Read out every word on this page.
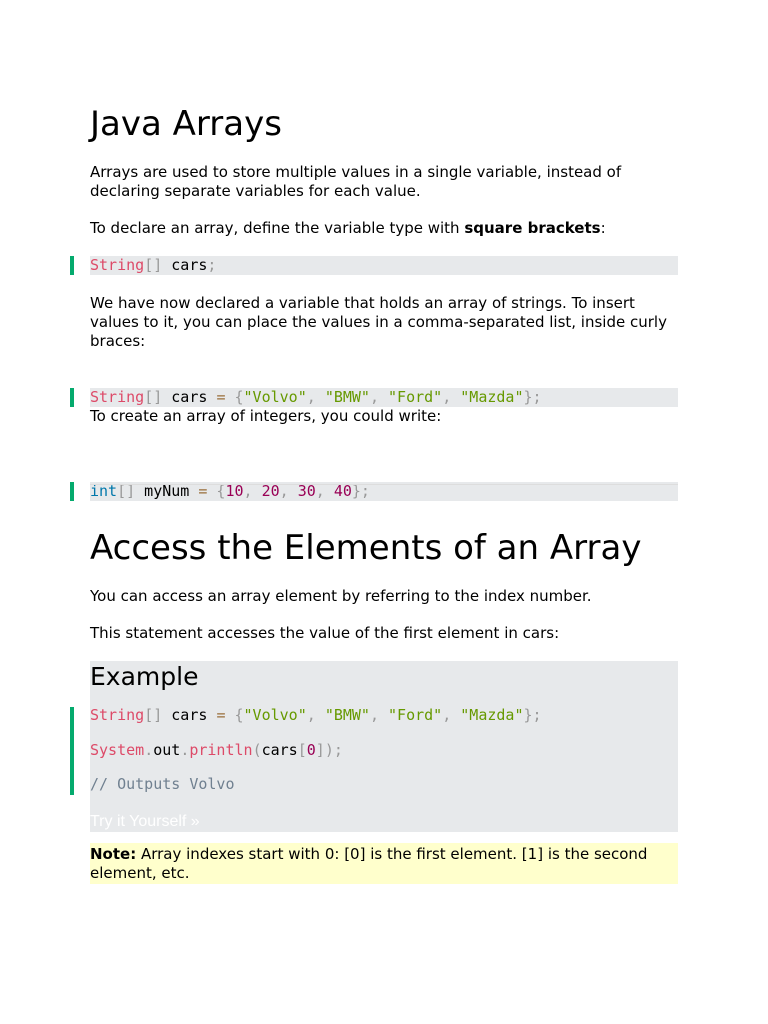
Java Arrays

Arrays are used to store multiple values in a single variable, instead of declaring separate variables for each value.

To declare an array, define the variable type with square brackets:

String[] cars;

We have now declared a variable that holds an array of strings. To insert values to it, you can place the values in a comma-separated list, inside curly braces:

String[] cars = {"Volvo", "BMW", "Ford", "Mazda"};

To create an array of integers, you could write:

int[] myNum = {10, 20, 30, 40};
Access the Elements of an Array

You can access an array element by referring to the index number.

This statement accesses the value of the first element in cars:

Example

String[] cars = {"Volvo", "BMW", "Ford", "Mazda"};

System.out.println(cars[0]);

// Outputs Volvo

Try it Yourself »
Note: Array indexes start with 0: [0] is the first element. [1] is the second element, etc.
